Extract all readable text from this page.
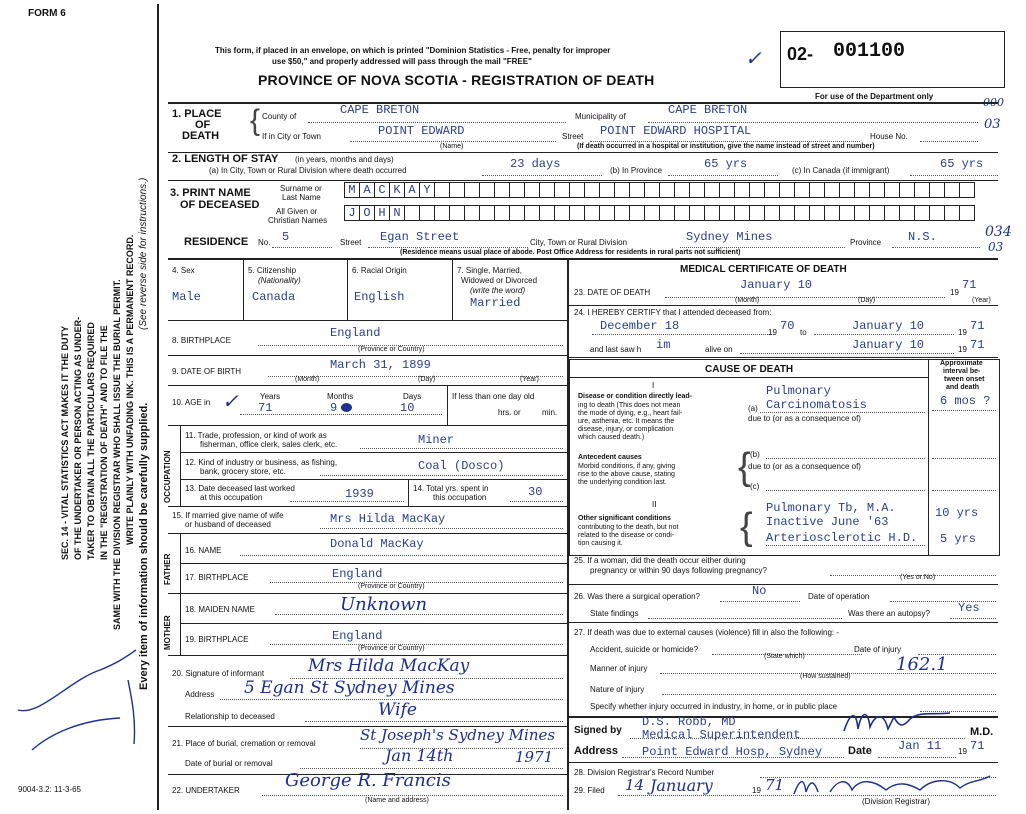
FORM 6
9004-3.2: 11-3-65
SEC. 14 - VITAL STATISTICS ACT MAKES IT THE DUTY OF THE UNDERTAKER OR PERSON ACTING AS UNDER- TAKER TO OBTAIN ALL THE PARTICULARS REQUIRED IN THE "REGISTRATION OF DEATH" AND TO FILE THE SAME WITH THE DIVISION REGISTRAR WHO SHALL ISSUE THE BURIAL PERMIT. WRITE PLAINLY WITH UNFADING INK. THIS IS A PERMANENT RECORD.
Every item of information should be carefully supplied.
(See reverse side for instructions.)
This form, if placed in an envelope, on which is printed "Dominion Statistics - Free, penalty for improper
use $50," and properly addressed will pass through the mail "FREE"
PROVINCE OF NOVA SCOTIA - REGISTRATION OF DEATH
02- 001100
✓
For use of the Department only	000
03
034
03
1. PLACE
OF
DEATH { County of	CAPE BRETON	Municipality of	CAPE BRETON
If in City or Town	POINT EDWARD
(Name)
Street POINT EDWARD HOSPITAL	House No.
(If death occurred in a hospital or institution, give the name instead of street and number)
2. LENGTH OF STAY (in years, months and days)
(a) In City, Town or Rural Division where death occurred	23 days	(b) In Province	65 yrs	(c) In Canada (if immigrant)	65 yrs
3. PRINT NAME
OF DECEASED
Surname or
Last Name
All Given or
Christian Names
M A C K A Y
J O H N
RESIDENCE No. 5	Street Egan Street	City, Town or Rural Division	Sydney Mines	Province N.S.
(Residence means usual place of abode. Post Office Address for residents in rural parts not sufficient)
4. Sex
Male
5. Citizenship
(Nationality)
Canada
6. Racial Origin
English
7. Single, Married,
Widowed or Divorced
(write the word)
Married
8. BIRTHPLACE
England
(Province or Country)
9. DATE OF BIRTH	March 31, 1899
(Month)	(Day)	(Year)
10. AGE in ✓	Years	Months	Days
71	9	10
If less than one day old
hrs. or	min.
OCCUPATION
11. Trade, profession, or kind of work as
fisherman, office clerk, sales clerk, etc.	Miner
12. Kind of industry or business, as fishing,
bank, grocery store, etc.	Coal (Dosco)
13. Date deceased last worked
at this occupation	1939	14. Total yrs. spent in
this occupation	30
15. If married give name of wife
or husband of deceased	Mrs Hilda MacKay
FATHER
16. NAME	Donald MacKay
17. BIRTHPLACE	England
(Province or Country)
MOTHER
18. MAIDEN NAME	Unknown
19. BIRTHPLACE	England
(Province or Country)
20. Signature of informant	Mrs Hilda MacKay
Address 5 Egan St Sydney Mines
Relationship to deceased	Wife
21. Place of burial, cremation or removal	St Joseph's Sydney Mines
Date of burial or removal	Jan 14th	1971
22. UNDERTAKER	George R. Francis
(Name and address)
MEDICAL CERTIFICATE OF DEATH
23. DATE OF DEATH
January 10
19
71
(Month)	(Day)	(Year)
24. I HEREBY CERTIFY that I attended deceased from:
December 18	19 70 to	January 10	19 71
and last saw h im	alive on	January 10	19 71
CAUSE OF DEATH
Approximate
interval be-
tween onset
and death
I
Disease or condition directly lead-
ing to death (This does not mean
the mode of dying, e.g., heart fail-
ure, asthenia, etc. It means the
disease, injury, or complication
which caused death.)
Pulmonary
(a) Carcinomatosis
due to (or as a consequence of)
6 mos ?
Antecedent causes
Morbid conditions, if any, giving
rise to the above cause, stating
the underlying condition last. { (b)
due to (or as a consequence of)
(c)
II
Other significant conditions
contributing to the death, but not
related to the disease or condi-
tion causing it.	{ Pulmonary Tb, M.A.
Inactive June '63
Arteriosclerotic H.D.
10 yrs
5 yrs
25. If a woman, did the death occur either during
pregnancy or within 90 days following pregnancy?
(Yes or No)
26. Was there a surgical operation?	No	Date of operation
State findings	Was there an autopsy? Yes
27. If death was due to external causes (violence) fill in also the following: -
Accident, suicide or homicide?
(State which)
Date of injury
Manner of injury	162.1
(How sustained)
Nature of injury
Specify whether injury occurred in industry, in home, or in public place
Signed by
D.S. Robb, MD
Medical Superintendent	M.D.
Address Point Edward Hosp, Sydney Date Jan 11 19 71
28. Division Registrar's Record Number
29. Filed 14 January	19 71
(Division Registrar)
